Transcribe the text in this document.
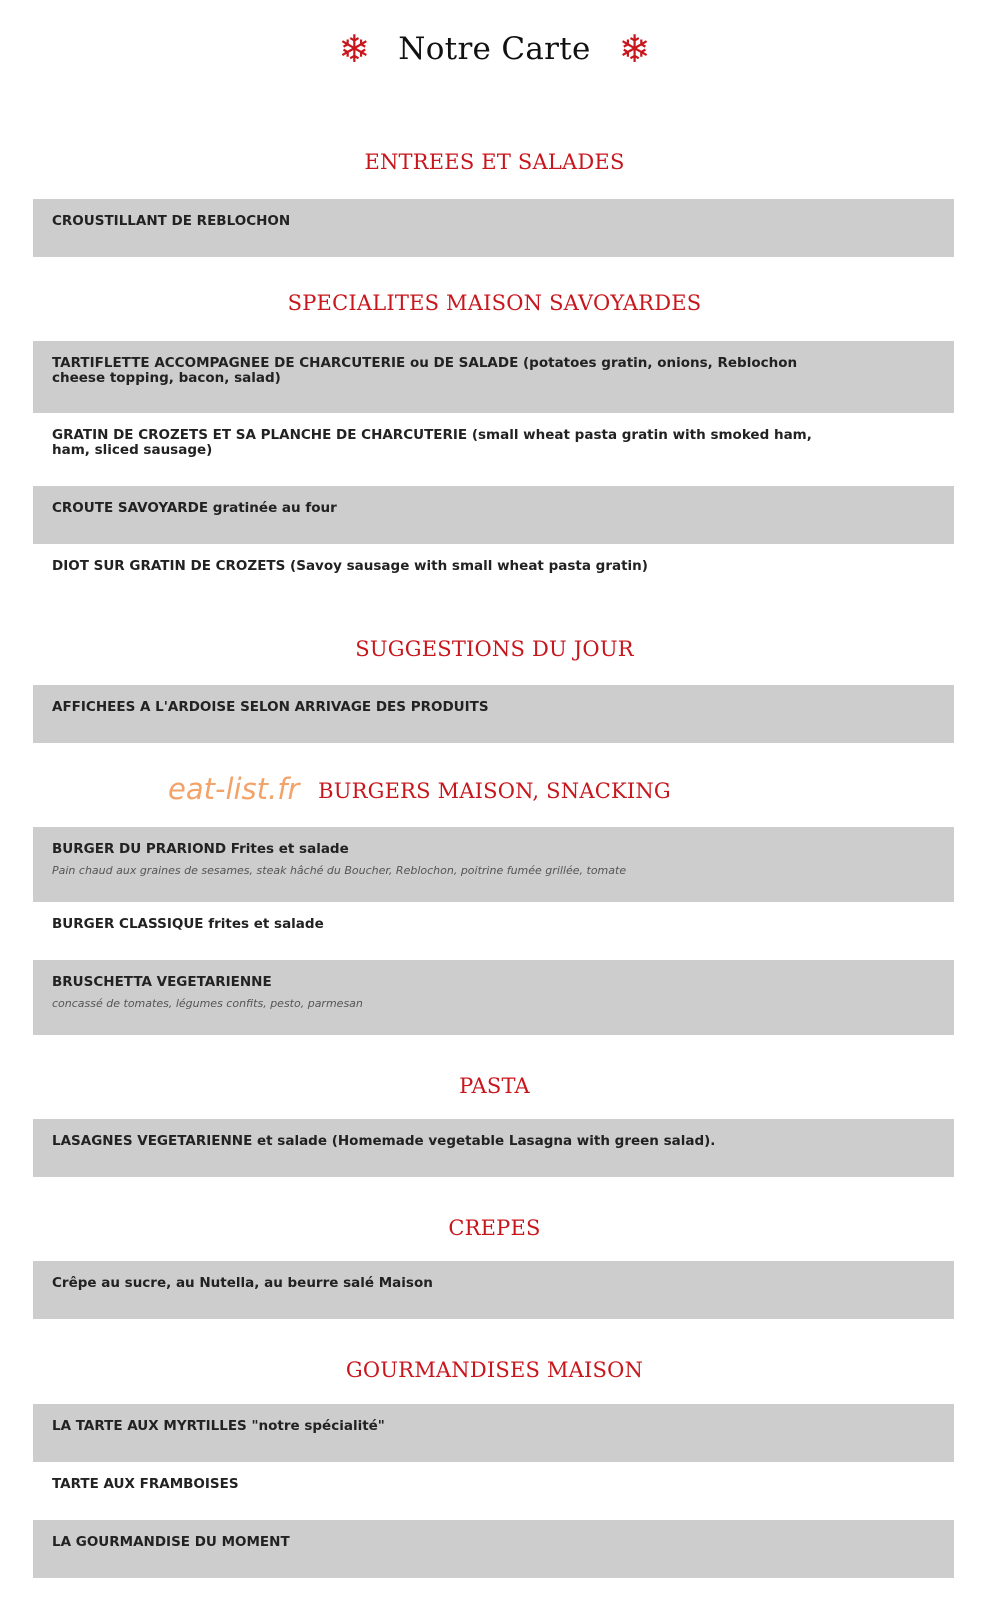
❄ Notre Carte ❄
ENTREES ET SALADES
CROUSTILLANT DE REBLOCHON
SPECIALITES MAISON SAVOYARDES
TARTIFLETTE ACCOMPAGNEE DE CHARCUTERIE ou DE SALADE (potatoes gratin, onions, Reblochon cheese topping, bacon, salad)
GRATIN DE CROZETS ET SA PLANCHE DE CHARCUTERIE (small wheat pasta gratin with smoked ham, ham, sliced sausage)
CROUTE SAVOYARDE gratinée au four
DIOT SUR GRATIN DE CROZETS (Savoy sausage with small wheat pasta gratin)
SUGGESTIONS DU JOUR
AFFICHEES A L'ARDOISE SELON ARRIVAGE DES PRODUITS
eat-list.fr BURGERS MAISON, SNACKING
BURGER DU PRARIOND Frites et salade
Pain chaud aux graines de sesames, steak hâché du Boucher, Reblochon, poitrine fumée grillée, tomate
BURGER CLASSIQUE frites et salade
BRUSCHETTA VEGETARIENNE
concassé de tomates, légumes confits, pesto, parmesan
PASTA
LASAGNES VEGETARIENNE et salade (Homemade vegetable Lasagna with green salad).
CREPES
Crêpe au sucre, au Nutella, au beurre salé Maison
GOURMANDISES MAISON
LA TARTE AUX MYRTILLES "notre spécialité"
TARTE AUX FRAMBOISES
LA GOURMANDISE DU MOMENT
